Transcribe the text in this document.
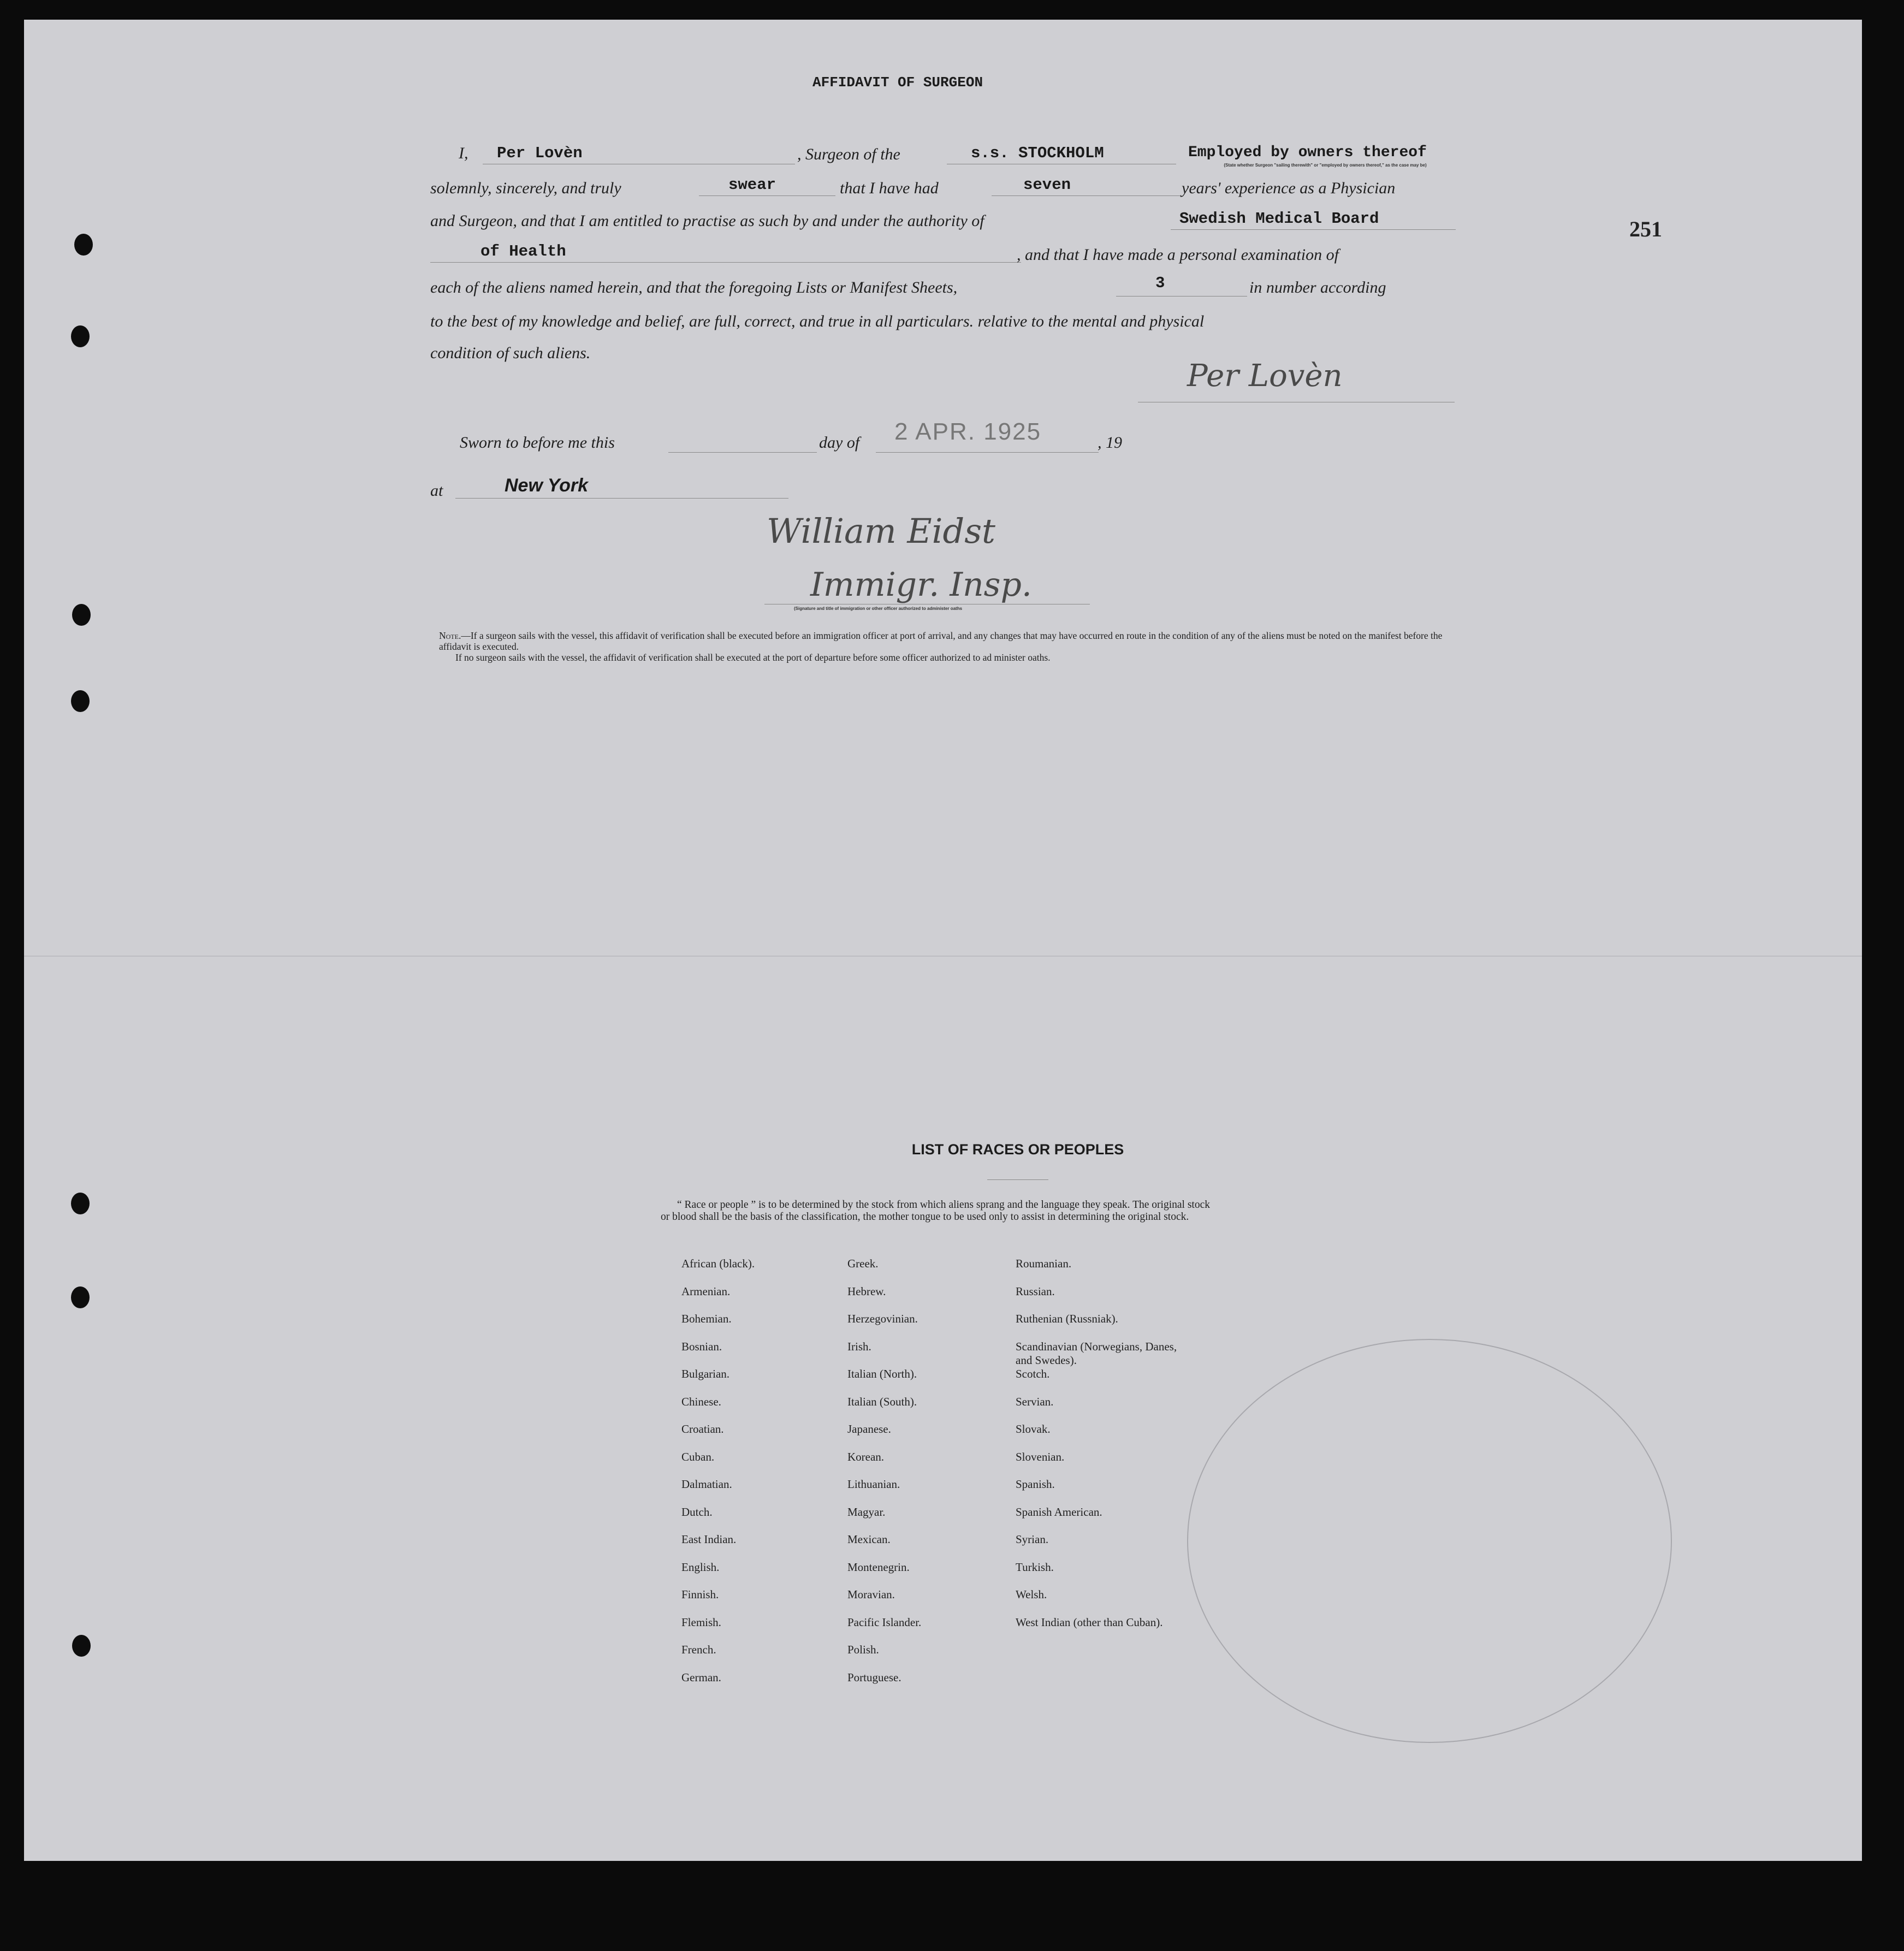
AFFIDAVIT OF SURGEON
I, Per Lovèn	, Surgeon of the	s.s. STOCKHOLM	Employed by owners thereof
(State whether Surgeon "sailing therewith" or "employed by owners thereof," as the case may be)
solemnly, sincerely, and truly	swear	that I have had	seven	years' experience as a Physician
and Surgeon, and that I am entitled to practise as such by and under the authority of	Swedish Medical Board
of Health	, and that I have made a personal examination of
each of the aliens named herein, and that the foregoing Lists or Manifest Sheets,	3	in number according
to the best of my knowledge and belief, are full, correct, and true in all particulars. relative to the mental and physical
condition of such aliens.
Per Lovèn
Sworn to before me this	day of 2 APR. 1925	, 19
at	New York
William Eidst
Immigr. Insp.
(Signature and title of immigration or other officer authorized to administer oaths

Note.—If a surgeon sails with the vessel, this affidavit of verification shall be executed before an immigration officer at port of arrival, and any changes that may have occurred en route in the condition of any of the aliens must be noted on the manifest before the affidavit is executed.

If no surgeon sails with the vessel, the affidavit of verification shall be executed at the port of departure before some officer authorized to ad minister oaths.

251
LIST OF RACES OR PEOPLES

“ Race or people ” is to be determined by the stock from which aliens sprang and the language they speak. The original stock or blood shall be the basis of the classification, the mother tongue to be used only to assist in determining the original stock.

African (black).
Armenian.
Bohemian.
Bosnian.
Bulgarian.
Chinese.
Croatian.
Cuban.
Dalmatian.
Dutch.
East Indian.
English.
Finnish.
Flemish.
French.
German.
Greek.
Hebrew.
Herzegovinian.
Irish.
Italian (North).
Italian (South).
Japanese.
Korean.
Lithuanian.
Magyar.
Mexican.
Montenegrin.
Moravian.
Pacific Islander.
Polish.
Portuguese.
Roumanian.
Russian.
Ruthenian (Russniak).
Scandinavian (Norwegians, Danes, and Swedes).
Scotch.
Servian.
Slovak.
Slovenian.
Spanish.
Spanish American.
Syrian.
Turkish.
Welsh.
West Indian (other than Cuban).
